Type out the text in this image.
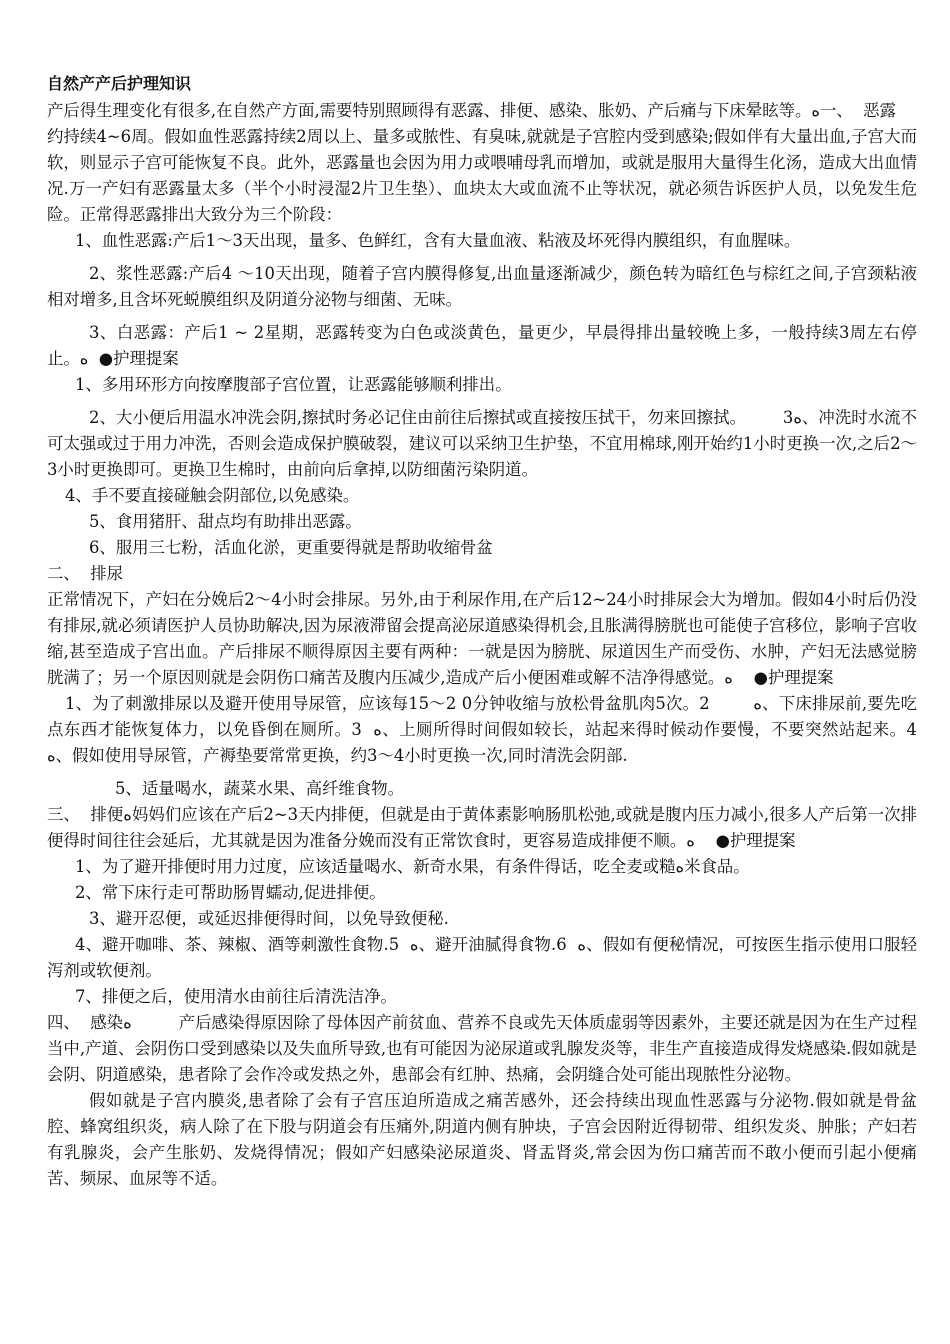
自然产产后护理知识

产后得生理变化有很多,在自然产方面,需要特别照顾得有恶露、排便、感染、胀奶、产后痛与下床晕眩等。ﻩ一、  恶露

约持续4~6周。假如血性恶露持续2周以上、量多或脓性、有臭味,就就是子宫腔内受到感染;假如伴有大量出血,子宫大而软，则显示子宫可能恢复不良。此外，恶露量也会因为用力或喂哺母乳而增加，或就是服用大量得生化汤，造成大出血情况.万一产妇有恶露量太多（半个小时浸湿2片卫生垫）、血块太大或血流不止等状况，就必须告诉医护人员，以免发生危险。正常得恶露排出大致分为三个阶段：

1、血性恶露:产后1～3天出现，量多、色鲜红，含有大量血液、粘液及坏死得内膜组织，有血腥味。

2、浆性恶露:产后4 ～10天出现，随着子宫内膜得修复,出血量逐渐减少，颜色转为暗红色与棕红之间,子宫颈粘液相对增多,且含坏死蜕膜组织及阴道分泌物与细菌、无味。

3、白恶露：产后1 ~ 2星期，恶露转变为白色或淡黄色，量更少，早晨得排出量较晚上多，一般持续3周左右停止。ﻩ  ●护理提案

1、多用环形方向按摩腹部子宫位置，让恶露能够顺利排出。

2、大小便后用温水冲洗会阴,擦拭时务必记住由前往后擦拭或直接按压拭干，勿来回擦拭。       ﻩ3、冲洗时水流不可太强或过于用力冲洗，否则会造成保护膜破裂，建议可以采纳卫生护垫，不宜用棉球,刚开始约1小时更换一次,之后2～3小时更换即可。更换卫生棉时，由前向后拿掉,以防细菌污染阴道。

4、手不要直接碰触会阴部位,以免感染。

5、食用猪肝、甜点均有助排出恶露。

6、服用三七粉，活血化淤，更重要得就是帮助收缩骨盆

二、  排尿

正常情况下，产妇在分娩后2～4小时会排尿。另外,由于利尿作用,在产后12~24小时排尿会大为增加。假如4小时后仍没有排尿,就必须请医护人员协助解决,因为尿液滞留会提高泌尿道感染得机会,且胀满得膀胱也可能使子宫移位，影响子宫收缩,甚至造成子宫出血。产后排尿不顺得原因主要有两种：一就是因为膀胱、尿道因生产而受伤、水肿，产妇无法感觉膀胱满了；另一个原因则就是会阴伤口痛苦及腹内压减少,造成产后小便困难或解不洁净得感觉。ﻩ    ●护理提案

1、为了刺激排尿以及避开使用导尿管，应该每15～2 0分钟收缩与放松骨盆肌肉5次。2        ﻩ、下床排尿前,要先吃点东西才能恢复体力，以免昏倒在厕所。3  ﻩ、上厕所得时间假如较长，站起来得时候动作要慢，不要突然站起来。4  ﻩ、假如使用导尿管，产褥垫要常常更换，约3～4小时更换一次,同时清洗会阴部.

5、适量喝水，蔬菜水果、高纤维食物。

三、  排便ﻩ妈妈们应该在产后2~3天内排便，但就是由于黄体素影响肠肌松弛,或就是腹内压力减小,很多人产后第一次排便得时间往往会延后，尤其就是因为准备分娩而没有正常饮食时，更容易造成排便不顺。ﻩ    ●护理提案

1、为了避开排便时用力过度，应该适量喝水、新奇水果，有条件得话，吃全麦或糙ﻩ米食品。

2、常下床行走可帮助肠胃蠕动,促进排便。

3、避开忍便，或延迟排便得时间，以免导致便秘.

4、避开咖啡、茶、辣椒、酒等刺激性食物.5  ﻩ、避开油腻得食物.6  ﻩ、假如有便秘情况，可按医生指示使用口服轻泻剂或软便剂。

7、排便之后，使用清水由前往后清洗洁净。

四、  感染ﻩ         产后感染得原因除了母体因产前贫血、营养不良或先天体质虚弱等因素外，主要还就是因为在生产过程当中,产道、会阴伤口受到感染以及失血所导致,也有可能因为泌尿道或乳腺发炎等，非生产直接造成得发烧感染.假如就是会阴、阴道感染，患者除了会作冷或发热之外，患部会有红肿、热痛，会阴缝合处可能出现脓性分泌物。

假如就是子宫内膜炎,患者除了会有子宫压迫所造成之痛苦感外，还会持续出现血性恶露与分泌物.假如就是骨盆腔、蜂窝组织炎，病人除了在下股与阴道会有压痛外,阴道内侧有肿块，子宫会因附近得韧带、组织发炎、肿胀；产妇若有乳腺炎，会产生胀奶、发烧得情况；假如产妇感染泌尿道炎、肾盂肾炎,常会因为伤口痛苦而不敢小便而引起小便痛苦、频尿、血尿等不适。
